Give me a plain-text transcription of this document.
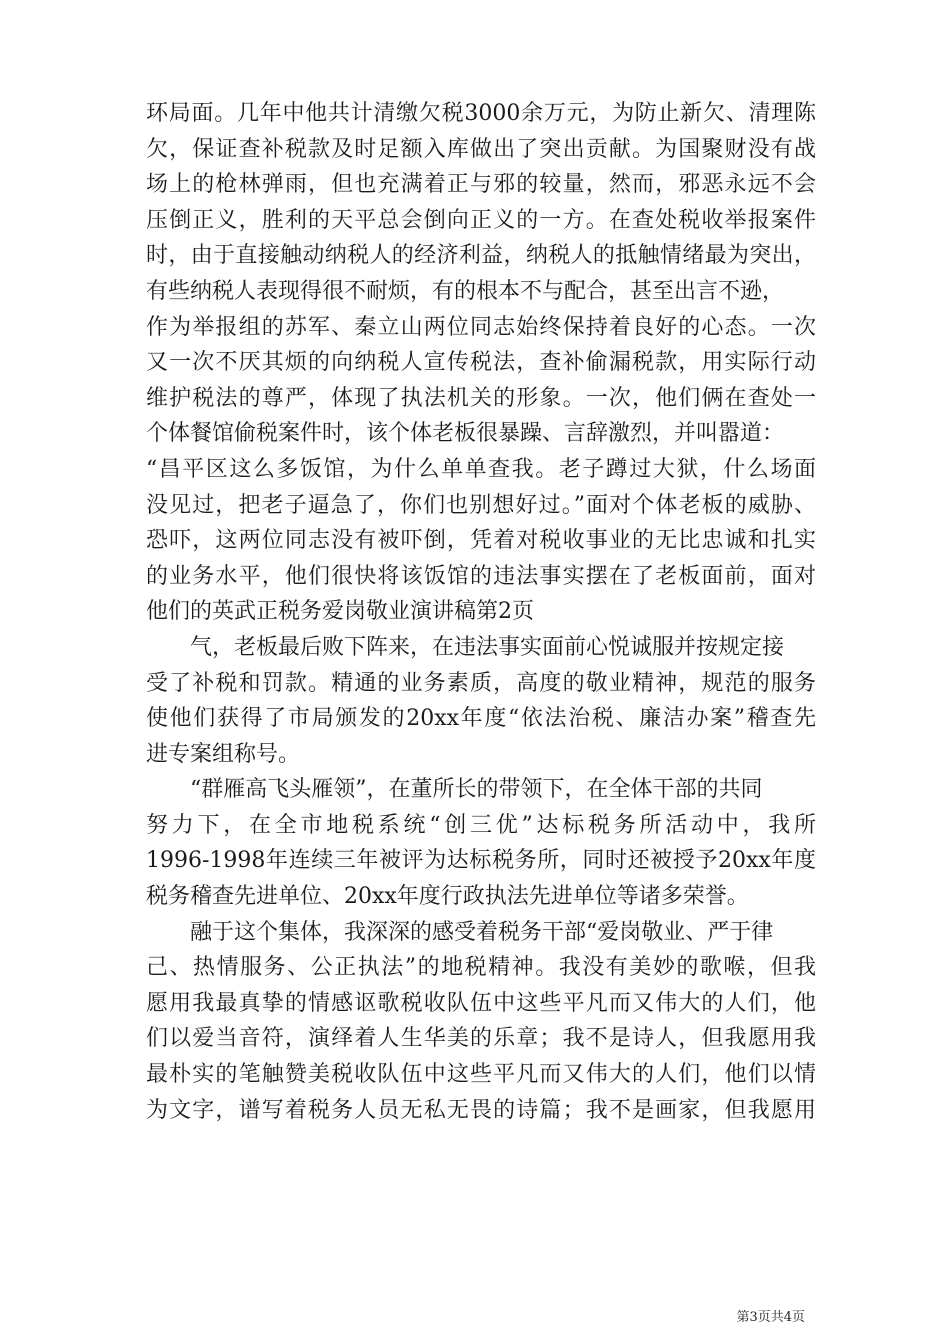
环局面。几年中他共计清缴欠税3000余万元，为防止新欠、清理陈
欠，保证查补税款及时足额入库做出了突出贡献。为国聚财没有战
场上的枪林弹雨，但也充满着正与邪的较量，然而，邪恶永远不会
压倒正义，胜利的天平总会倒向正义的一方。在查处税收举报案件
时，由于直接触动纳税人的经济利益，纳税人的抵触情绪最为突出，
有些纳税人表现得很不耐烦，有的根本不与配合，甚至出言不逊，
作为举报组的苏军、秦立山两位同志始终保持着良好的心态。一次
又一次不厌其烦的向纳税人宣传税法，查补偷漏税款，用实际行动
维护税法的尊严，体现了执法机关的形象。一次，他们俩在查处一
个体餐馆偷税案件时，该个体老板很暴躁、言辞激烈，并叫嚣道：
“昌平区这么多饭馆，为什么单单查我。老子蹲过大狱，什么场面
没见过，把老子逼急了，你们也别想好过。”面对个体老板的威胁、
恐吓，这两位同志没有被吓倒，凭着对税收事业的无比忠诚和扎实
的业务水平，他们很快将该饭馆的违法事实摆在了老板面前，面对
他们的英武正税务爱岗敬业演讲稿第2页
气，老板最后败下阵来，在违法事实面前心悦诚服并按规定接
受了补税和罚款。精通的业务素质，高度的敬业精神，规范的服务
使他们获得了市局颁发的20xx年度“依法治税、廉洁办案”稽查先
进专案组称号。
“群雁高飞头雁领”，在董所长的带领下，在全体干部的共同
努力下，在全市地税系统“创三优”达标税务所活动中，我所
1996-1998年连续三年被评为达标税务所，同时还被授予20xx年度
税务稽查先进单位、20xx年度行政执法先进单位等诸多荣誉。
融于这个集体，我深深的感受着税务干部“爱岗敬业、严于律
己、热情服务、公正执法”的地税精神。我没有美妙的歌喉，但我
愿用我最真挚的情感讴歌税收队伍中这些平凡而又伟大的人们，他
们以爱当音符，演绎着人生华美的乐章；我不是诗人，但我愿用我
最朴实的笔触赞美税收队伍中这些平凡而又伟大的人们，他们以情
为文字，谱写着税务人员无私无畏的诗篇；我不是画家，但我愿用
第3页共4页
